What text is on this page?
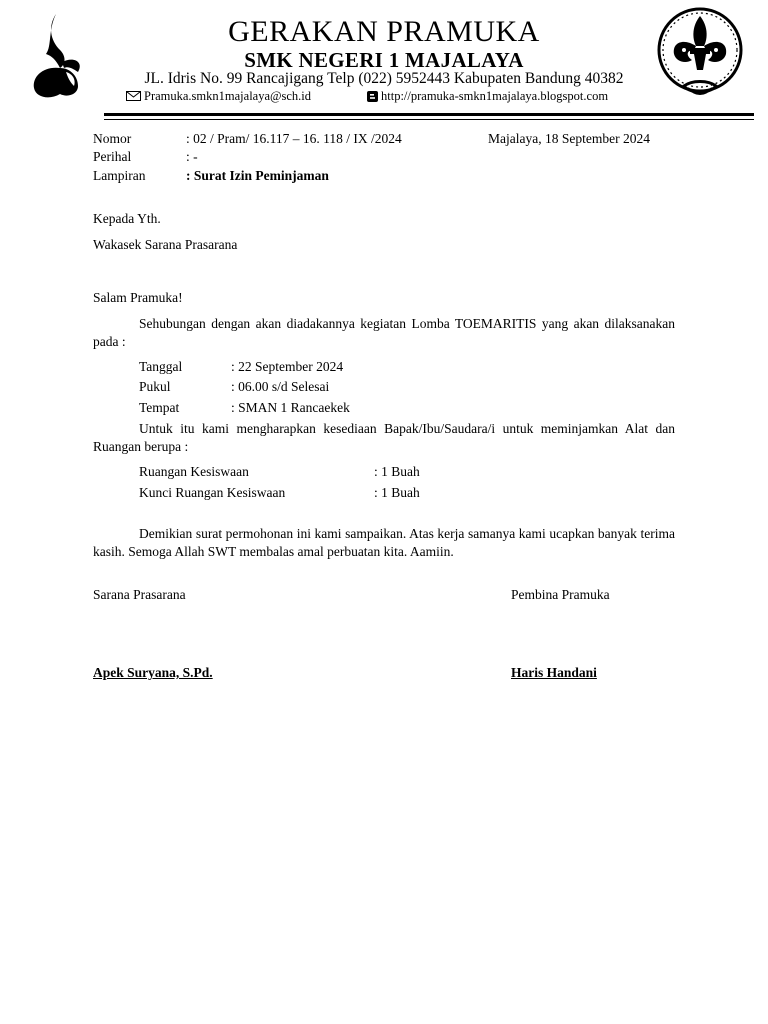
GERAKAN PRAMUKA
SMK NEGERI 1 MAJALAYA
JL. Idris No. 99 Rancajigang Telp (022) 5952443 Kabupaten Bandung 40382
Pramuka.smkn1majalaya@sch.id	http://pramuka-smkn1majalaya.blogspot.com
Nomor	: 02 / Pram/ 16.117 – 16. 118 / IX /2024	Majalaya, 18 September 2024
Perihal	: -
Lampiran	: Surat Izin Peminjaman
Kepada Yth.
Wakasek Sarana Prasarana
Salam Pramuka!
Sehubungan dengan akan diadakannya kegiatan Lomba TOEMARITIS yang akan dilaksanakan pada :
Tanggal	: 22 September 2024
Pukul	: 06.00 s/d Selesai
Tempat	: SMAN 1 Rancaekek
Untuk itu kami mengharapkan kesediaan Bapak/Ibu/Saudara/i untuk meminjamkan Alat dan Ruangan berupa :
Ruangan Kesiswaan	: 1 Buah
Kunci Ruangan Kesiswaan	: 1 Buah
Demikian surat permohonan ini kami sampaikan. Atas kerja samanya kami ucapkan banyak terima kasih. Semoga Allah SWT membalas amal perbuatan kita. Aamiin.
Sarana Prasarana	Pembina Pramuka
Apek Suryana, S.Pd.	Haris Handani
